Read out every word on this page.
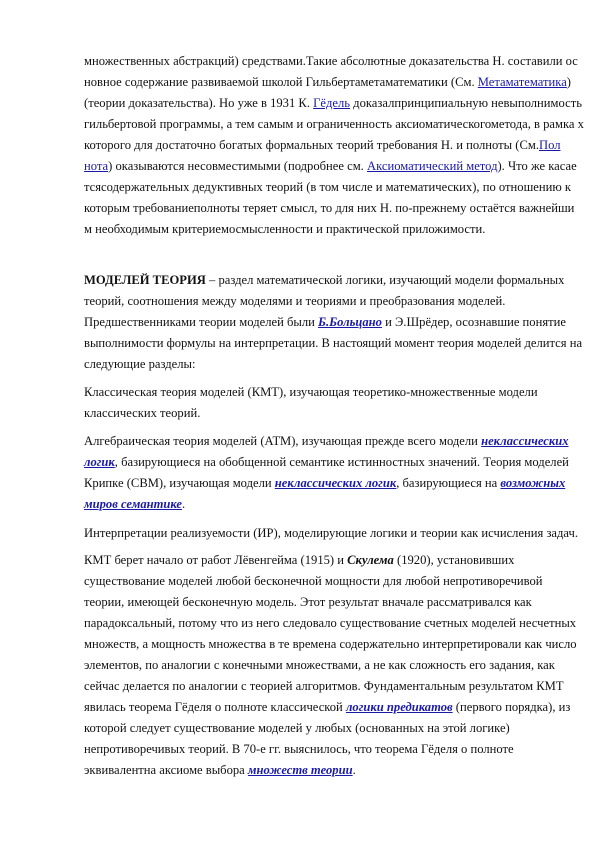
множественных абстракций) средствами.Такие абсолютные доказательства Н. составили ос новное содержание развиваемой школой Гильбертаметаматематики (См. Метаматематика) (теории доказательства). Но уже в 1931 К. Гёдель доказалпринципиальную невыполнимость гильбертовой программы, а тем самым и ограниченность аксиоматическогометода, в рамка х которого для достаточно богатых формальных теорий требования Н. и полноты (См.Пол нота) оказываются несовместимыми (подробнее см. Аксиоматический метод). Что же касае тсясодержательных дедуктивных теорий (в том числе и математических), по отношению к которым требованиеполноты теряет смысл, то для них Н. по-прежнему остаётся важнейши м необходимым критериемосмысленности и практической приложимости.

МОДЕЛЕЙ ТЕОРИЯ – раздел математической логики, изучающий модели формальных теорий, соотношения между моделями и теориями и преобразования моделей. Предшественниками теории моделей были Б.Больцано и Э.Шрёдер, осознавшие понятие выполнимости формулы на интерпретации. В настоящий момент теория моделей делится на следующие разделы:

Классическая теория моделей (КМТ), изучающая теоретико-множественные модели классических теорий.

Алгебраическая теория моделей (АТМ), изучающая прежде всего модели неклассических логик, базирующиеся на обобщенной семантике истинностных значений. Теория моделей Крипке (СВМ), изучающая модели неклассических логик, базирующиеся на возможных миров семантике.

Интерпретации реализуемости (ИР), моделирующие логики и теории как исчисления задач.

КМТ берет начало от работ Лёвенгейма (1915) и Скулема (1920), установивших существование моделей любой бесконечной мощности для любой непротиворечивой теории, имеющей бесконечную модель. Этот результат вначале рассматривался как парадоксальный, потому что из него следовало существование счетных моделей несчетных множеств, а мощность множества в те времена содержательно интерпретировали как число элементов, по аналогии с конечными множествами, а не как сложность его задания, как сейчас делается по аналогии с теорией алгоритмов. Фундаментальным результатом КМТ явилась теорема Гёделя о полноте классической логики предикатов (первого порядка), из которой следует существование моделей у любых (основанных на этой логике) непротиворечивых теорий. В 70-е гг. выяснилось, что теорема Гёделя о полноте эквивалентна аксиоме выбора множеств теории.
